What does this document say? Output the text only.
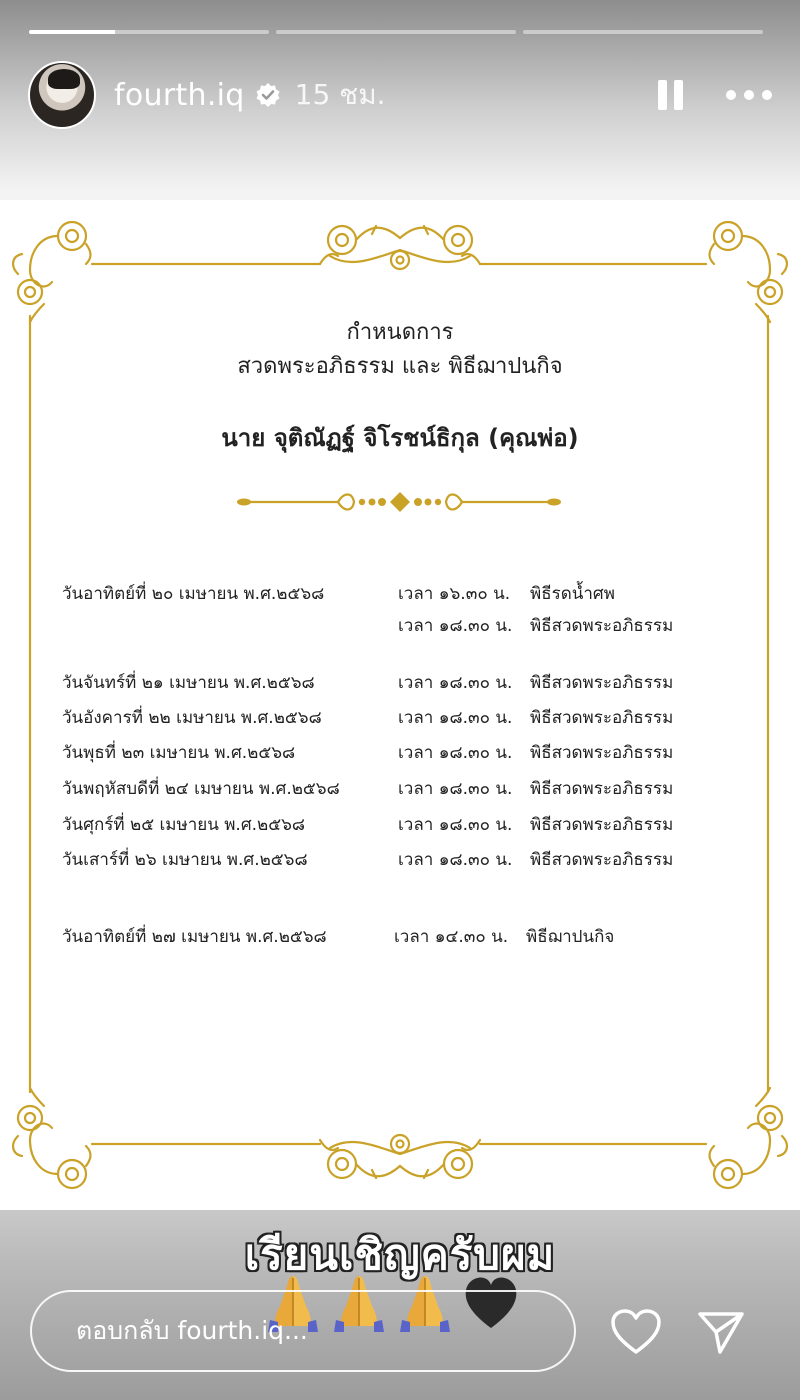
fourth.iq 15 ชม.
กำหนดการ
สวดพระอภิธรรม และ พิธีฌาปนกิจ
นาย จุติณัฏฐ์ จิโรชน์ธิกุล (คุณพ่อ)
วันอาทิตย์ที่ ๒๐ เมษายน พ.ศ.๒๕๖๘	เวลา ๑๖.๓๐ น. พิธีรดน้ำศพ
เวลา ๑๘.๓๐ น. พิธีสวดพระอภิธรรม
วันจันทร์ที่ ๒๑ เมษายน พ.ศ.๒๕๖๘	เวลา ๑๘.๓๐ น. พิธีสวดพระอภิธรรม
วันอังคารที่ ๒๒ เมษายน พ.ศ.๒๕๖๘	เวลา ๑๘.๓๐ น. พิธีสวดพระอภิธรรม
วันพุธที่ ๒๓ เมษายน พ.ศ.๒๕๖๘	เวลา ๑๘.๓๐ น. พิธีสวดพระอภิธรรม
วันพฤหัสบดีที่ ๒๔ เมษายน พ.ศ.๒๕๖๘	เวลา ๑๘.๓๐ น. พิธีสวดพระอภิธรรม
วันศุกร์ที่ ๒๕ เมษายน พ.ศ.๒๕๖๘	เวลา ๑๘.๓๐ น. พิธีสวดพระอภิธรรม
วันเสาร์ที่ ๒๖ เมษายน พ.ศ.๒๕๖๘	เวลา ๑๘.๓๐ น. พิธีสวดพระอภิธรรม
วันอาทิตย์ที่ ๒๗ เมษายน พ.ศ.๒๕๖๘	เวลา ๑๔.๓๐ น. พิธีฌาปนกิจ
เรียนเชิญครับผม
ตอบกลับ fourth.iq...
